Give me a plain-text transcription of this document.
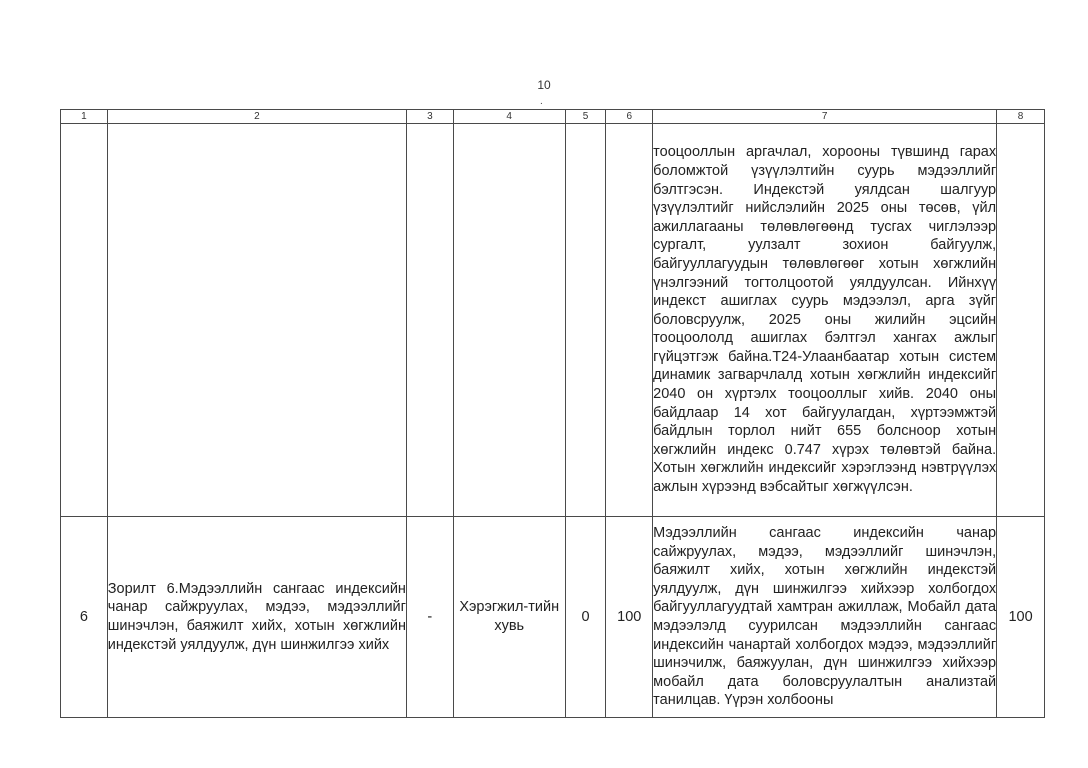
10
.
1	2	3	4	5	6	7	8
						тооцооллын аргачлал, хорооны түвшинд гарах боломжтой үзүүлэлтийн суурь мэдээллийг бэлтгэсэн. Индекстэй уялдсан шалгуур үзүүлэлтийг нийслэлийн 2025 оны төсөв, үйл ажиллагааны төлөвлөгөөнд тусгах чиглэлээр сургалт, уулзалт зохион байгуулж, байгууллагуудын төлөвлөгөөг хотын хөгжлийн үнэлгээний тогтолцоотой уялдуулсан. Ийнхүү индекст ашиглах суурь мэдээлэл, арга зүйг боловсруулж, 2025 оны жилийн эцсийн тооцоололд ашиглах бэлтгэл хангах ажлыг гүйцэтгэж байна.Т24-Улаанбаатар хотын систем динамик загварчлалд хотын хөгжлийн индексийг 2040 он хүртэлх тооцооллыг хийв. 2040 оны байдлаар 14 хот байгуулагдан, хүртээмжтэй байдлын торлол нийт 655 болсноор хотын хөгжлийн индекс 0.747 хүрэх төлөвтэй байна. Хотын хөгжлийн индексийг хэрэглээнд нэвтрүүлэх ажлын хүрээнд вэбсайтыг хөгжүүлсэн.	
6	Зорилт 6.Мэдээллийн сангаас индексийн чанар сайжруулах, мэдээ, мэдээллийг шинэчлэн, баяжилт хийх, хотын хөгжлийн индекстэй уялдуулж, дүн шинжилгээ хийх	-	Хэрэгжил-тийн хувь	0	100	Мэдээллийн сангаас индексийн чанар сайжруулах, мэдээ, мэдээллийг шинэчлэн, баяжилт хийх, хотын хөгжлийн индекстэй уялдуулж, дүн шинжилгээ хийхээр холбогдох байгууллагуудтай хамтран ажиллаж, Мобайл дата мэдээлэлд суурилсан мэдээллийн сангаас индексийн чанартай холбогдох мэдээ, мэдээллийг шинэчилж, баяжуулан, дүн шинжилгээ хийхээр мобайл дата боловсруулалтын анализтай танилцав. Үүрэн холбооны	100
